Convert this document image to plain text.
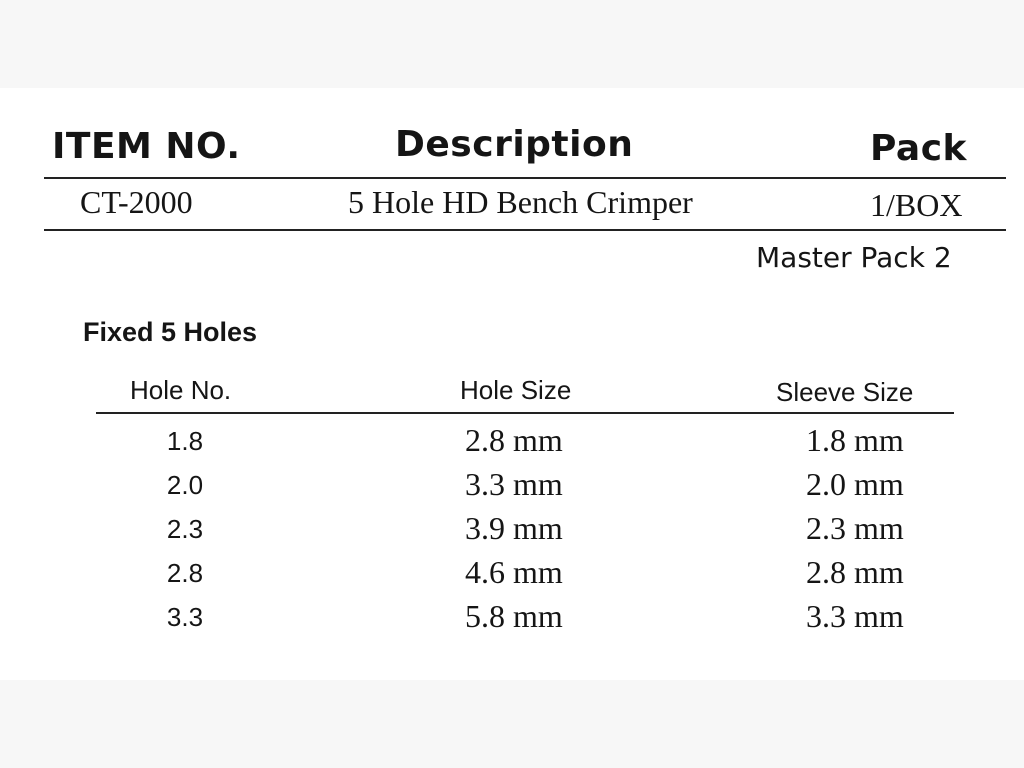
ITEM NO.	Description	Pack
CT-2000	5 Hole HD Bench Crimper	1/BOX
Master Pack 2
Fixed 5 Holes
Hole No.	Hole Size	Sleeve Size
1.8	2.8 mm	1.8 mm
2.0	3.3 mm	2.0 mm
2.3	3.9 mm	2.3 mm
2.8	4.6 mm	2.8 mm
3.3	5.8 mm	3.3 mm
